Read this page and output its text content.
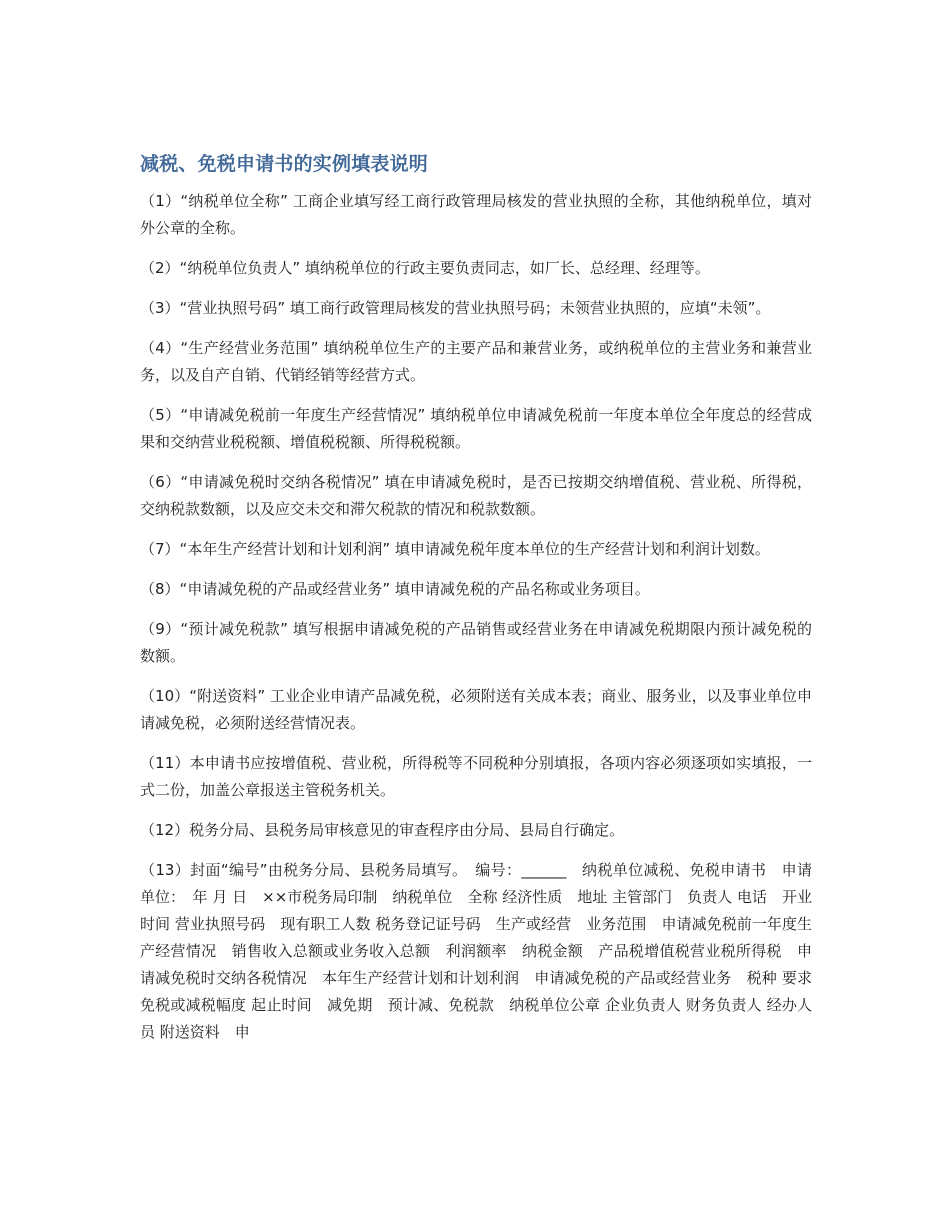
减税、免税申请书的实例填表说明

（1）“纳税单位全称” 工商企业填写经工商行政管理局核发的营业执照的全称，其他纳税单位，填对外公章的全称。

（2）“纳税单位负责人” 填纳税单位的行政主要负责同志，如厂长、总经理、经理等。

（3）“营业执照号码” 填工商行政管理局核发的营业执照号码；未领营业执照的，应填“未领”。

（4）“生产经营业务范围” 填纳税单位生产的主要产品和兼营业务，或纳税单位的主营业务和兼营业务，以及自产自销、代销经销等经营方式。

（5）“申请减免税前一年度生产经营情况” 填纳税单位申请减免税前一年度本单位全年度总的经营成果和交纳营业税税额、增值税税额、所得税税额。

（6）“申请减免税时交纳各税情况” 填在申请减免税时，是否已按期交纳增值税、营业税、所得税，交纳税款数额，以及应交未交和滞欠税款的情况和税款数额。

（7）“本年生产经营计划和计划利润” 填申请减免税年度本单位的生产经营计划和利润计划数。

（8）“申请减免税的产品或经营业务” 填申请减免税的产品名称或业务项目。

（9）“预计减免税款” 填写根据申请减免税的产品销售或经营业务在申请减免税期限内预计减免税的数额。

（10）“附送资料” 工业企业申请产品减免税，必须附送有关成本表；商业、服务业，以及事业单位申请减免税，必须附送经营情况表。

（11）本申请书应按增值税、营业税，所得税等不同税种分别填报，各项内容必须逐项如实填报，一式二份，加盖公章报送主管税务机关。

（12）税务分局、县税务局审核意见的审查程序由分局、县局自行确定。

（13）封面“编号”由税务分局、县税务局填写。　编号：______　纳税单位减税、免税申请书　申请单位：　年 月 日　××市税务局印制　纳税单位　全称 经济性质　地址 主管部门　负责人 电话　开业时间 营业执照号码　现有职工人数 税务登记证号码　生产或经营　业务范围　申请减免税前一年度生产经营情况　销售收入总额或业务收入总额　利润额率　纳税金额　产品税增值税营业税所得税　申请减免税时交纳各税情况　本年生产经营计划和计划利润　申请减免税的产品或经营业务　税种 要求免税或减税幅度 起止时间　减免期　预计减、免税款　纳税单位公章 企业负责人 财务负责人 经办人员 附送资料　申
